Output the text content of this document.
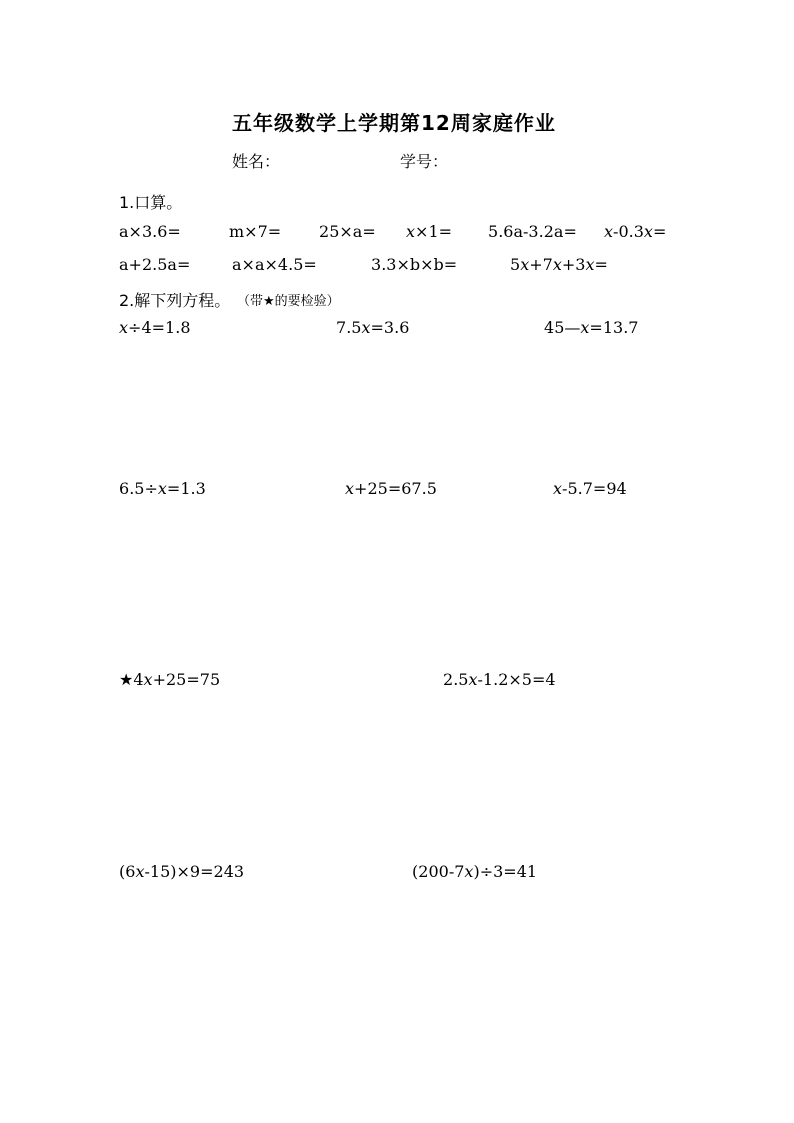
五年级数学上学期第12周家庭作业
姓名：	学号：
1.口算。
a×3.6=	m×7= 25×a= x×1= 5.6a-3.2a= x-0.3x=
a+2.5a=	a×a×4.5=	3.3×b×b=	5x+7x+3x=
2.解下列方程。 （带★的要检验）
x÷4=1.8	7.5x=3.6	45—x=13.7
6.5÷x=1.3	x+25=67.5	x-5.7=94
★4x+25=75	2.5x-1.2×5=4
(6x-15)×9=243	(200-7x)÷3=41
